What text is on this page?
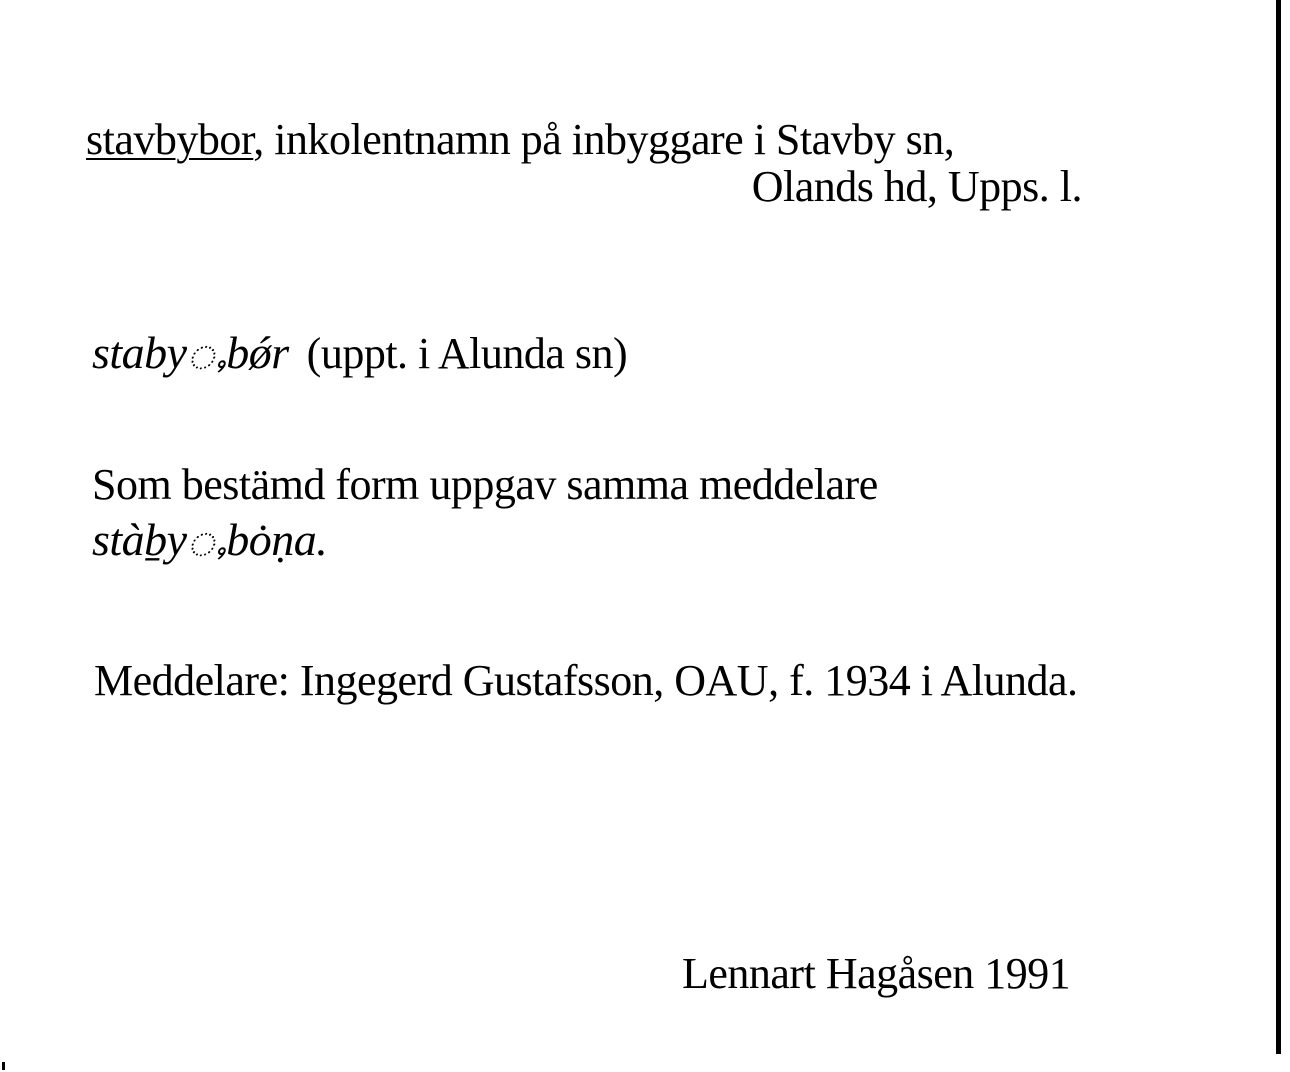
stavbybor, inkolentnamn på inbyggare i Stavby sn,
Olands hd, Upps. l.
stabyႇbǿr (uppt. i Alunda sn)
Som bestämd form uppgav samma meddelare
stàḇyႇbȯṇa.
Meddelare: Ingegerd Gustafsson, OAU, f. 1934 i Alunda.
Lennart Hagåsen 1991
